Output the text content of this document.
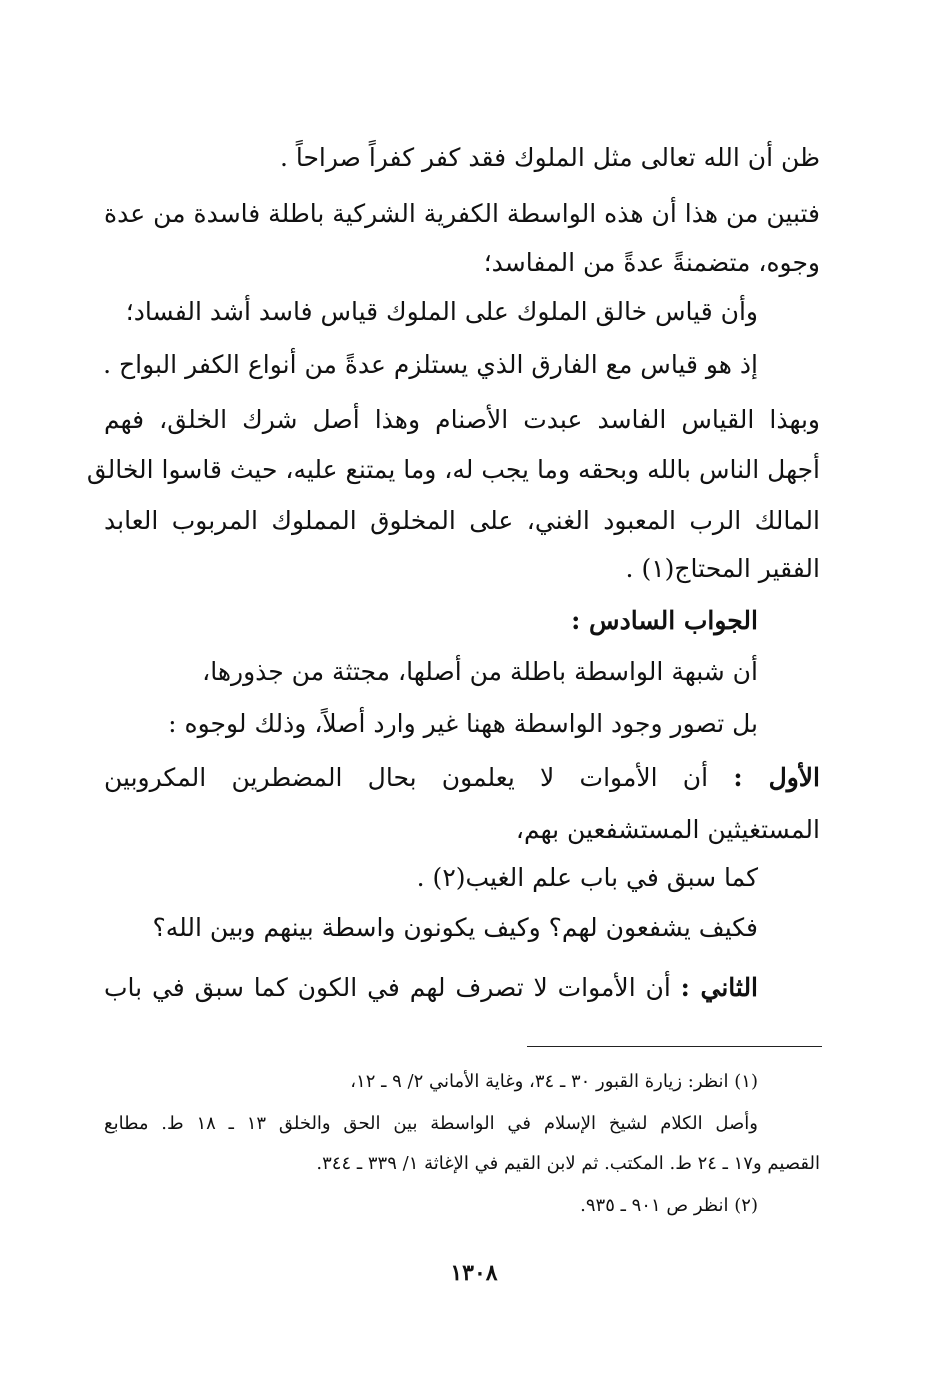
ظن أن الله تعالى مثل الملوك فقد كفر كفراً صراحاً .

فتبين من هذا أن هذه الواسطة الكفرية الشركية باطلة فاسدة من عدة

وجوه، متضمنةً عدةً من المفاسد؛

وأن قياس خالق الملوك على الملوك قياس فاسد أشد الفساد؛

إذ هو قياس مع الفارق الذي يستلزم عدةً من أنواع الكفر البواح .

وبهذا القياس الفاسد عبدت الأصنام وهذا أصل شرك الخلق، فهم

أجهل الناس بالله وبحقه وما يجب له، وما يمتنع عليه، حيث قاسوا الخالق

المالك الرب المعبود الغني، على المخلوق المملوك المربوب العابد

الفقير المحتاج(١) .

الجواب السادس :

أن شبهة الواسطة باطلة من أصلها، مجتثة من جذورها،

بل تصور وجود الواسطة ههنا غير وارد أصلاً، وذلك لوجوه :

الأول : أن الأموات لا يعلمون بحال المضطرين المكروبين

المستغيثين المستشفعين بهم،

كما سبق في باب علم الغيب(٢) .

فكيف يشفعون لهم؟ وكيف يكونون واسطة بينهم وبين الله؟

الثاني : أن الأموات لا تصرف لهم في الكون كما سبق في باب

(١) انظر: زيارة القبور ٣٠ ـ ٣٤، وغاية الأماني ٢/ ٩ ـ ١٢،

وأصل الكلام لشيخ الإسلام في الواسطة بين الحق والخلق ١٣ ـ ١٨ ط. مطابع

القصيم و١٧ ـ ٢٤ ط. المكتب. ثم لابن القيم في الإغاثة ١/ ٣٣٩ ـ ٣٤٤.

(٢) انظر ص ٩٠١ ـ ٩٣٥.

١٣٠٨
